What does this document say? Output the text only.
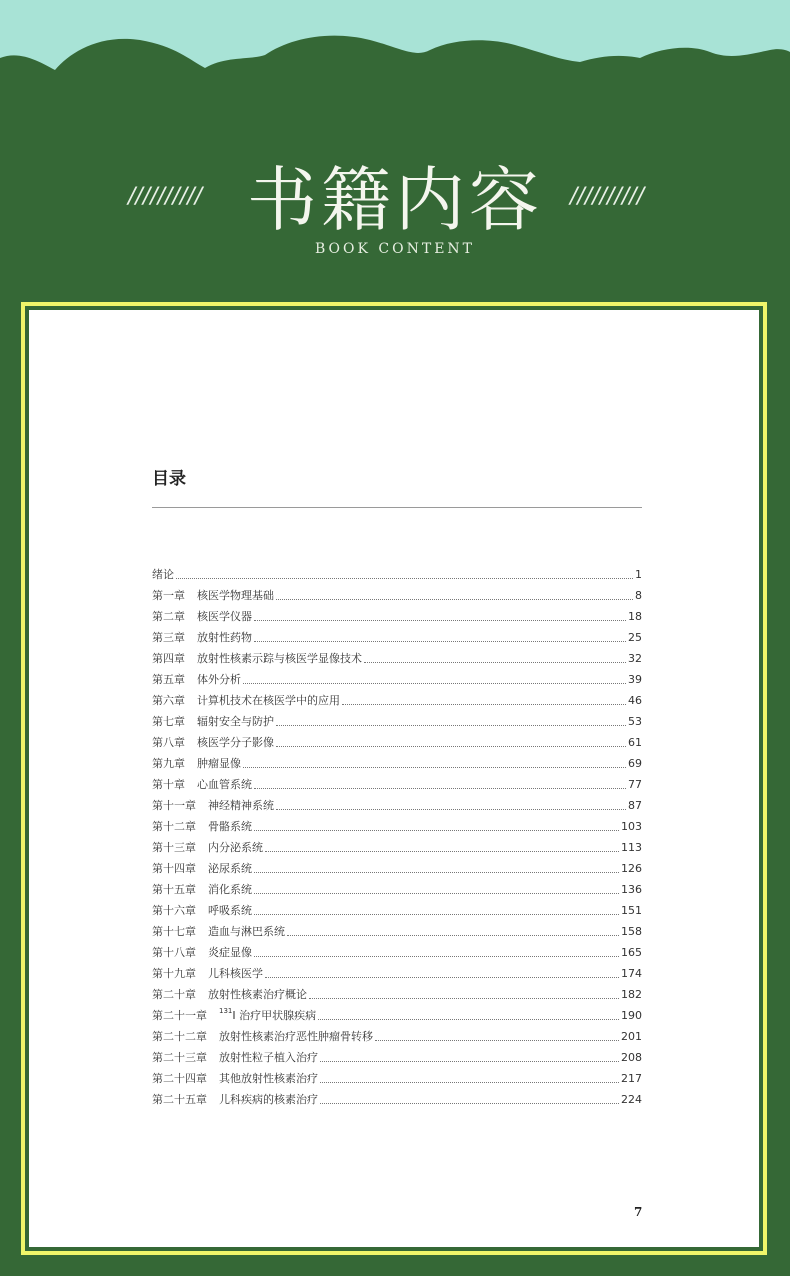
//////////	//////////
书籍内容
BOOK CONTENT
目录
绪论	1
第一章 核医学物理基础	8
第二章 核医学仪器	18
第三章 放射性药物	25
第四章 放射性核素示踪与核医学显像技术	32
第五章 体外分析	39
第六章 计算机技术在核医学中的应用	46
第七章 辐射安全与防护	53
第八章 核医学分子影像	61
第九章 肿瘤显像	69
第十章 心血管系统	77
第十一章 神经精神系统	87
第十二章 骨骼系统	103
第十三章 内分泌系统	113
第十四章 泌尿系统	126
第十五章 消化系统	136
第十六章 呼吸系统	151
第十七章 造血与淋巴系统	158
第十八章 炎症显像	165
第十九章 儿科核医学	174
第二十章 放射性核素治疗概论	182
第二十一章 $^{131}$I 治疗甲状腺疾病	190
第二十二章 放射性核素治疗恶性肿瘤骨转移	201
第二十三章 放射性粒子植入治疗	208
第二十四章 其他放射性核素治疗	217
第二十五章 儿科疾病的核素治疗	224
7
